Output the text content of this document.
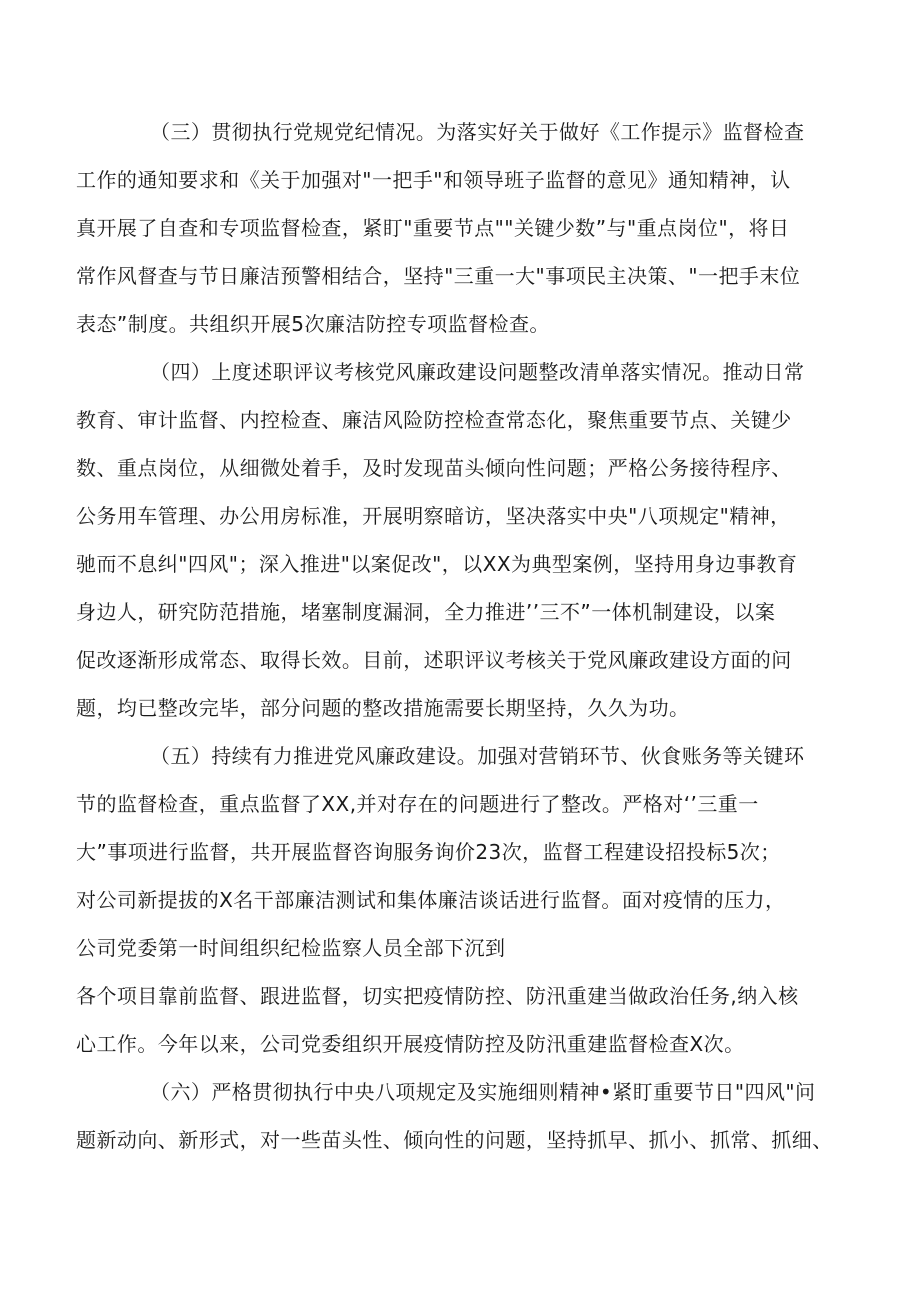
（三）贯彻执行党规党纪情况。为落实好关于做好《工作提示》监督检查
工作的通知要求和《关于加强对"一把手"和领导班子监督的意见》通知精神，认
真开展了自查和专项监督检查，紧盯"重要节点""关键少数”与"重点岗位"，将日
常作风督查与节日廉洁预警相结合，坚持"三重一大"事项民主决策、"一把手末位
表态”制度。共组织开展5次廉洁防控专项监督检查。
（四）上度述职评议考核党风廉政建设问题整改清单落实情况。推动日常
教育、审计监督、内控检查、廉洁风险防控检查常态化，聚焦重要节点、关键少
数、重点岗位，从细微处着手，及时发现苗头倾向性问题；严格公务接待程序、
公务用车管理、办公用房标准，开展明察暗访，坚决落实中央"八项规定"精神，
驰而不息纠"四风"；深入推进"以案促改"，以XX为典型案例，坚持用身边事教育
身边人，研究防范措施，堵塞制度漏洞，全力推进’’三不”一体机制建设，以案
促改逐渐形成常态、取得长效。目前，述职评议考核关于党风廉政建设方面的问
题，均已整改完毕，部分问题的整改措施需要长期坚持，久久为功。
（五）持续有力推进党风廉政建设。加强对营销环节、伙食账务等关键环
节的监督检查，重点监督了XX,并对存在的问题进行了整改。严格对‘’三重一
大”事项进行监督，共开展监督咨询服务询价23次，监督工程建设招投标5次；
对公司新提拔的X名干部廉洁测试和集体廉洁谈话进行监督。面对疫情的压力，
公司党委第一时间组织纪检监察人员全部下沉到
各个项目靠前监督、跟进监督，切实把疫情防控、防汛重建当做政治任务,纳入核
心工作。今年以来，公司党委组织开展疫情防控及防汛重建监督检查X次。
（六）严格贯彻执行中央八项规定及实施细则精神•紧盯重要节日"四风"问
题新动向、新形式，对一些苗头性、倾向性的问题，坚持抓早、抓小、抓常、抓细、
